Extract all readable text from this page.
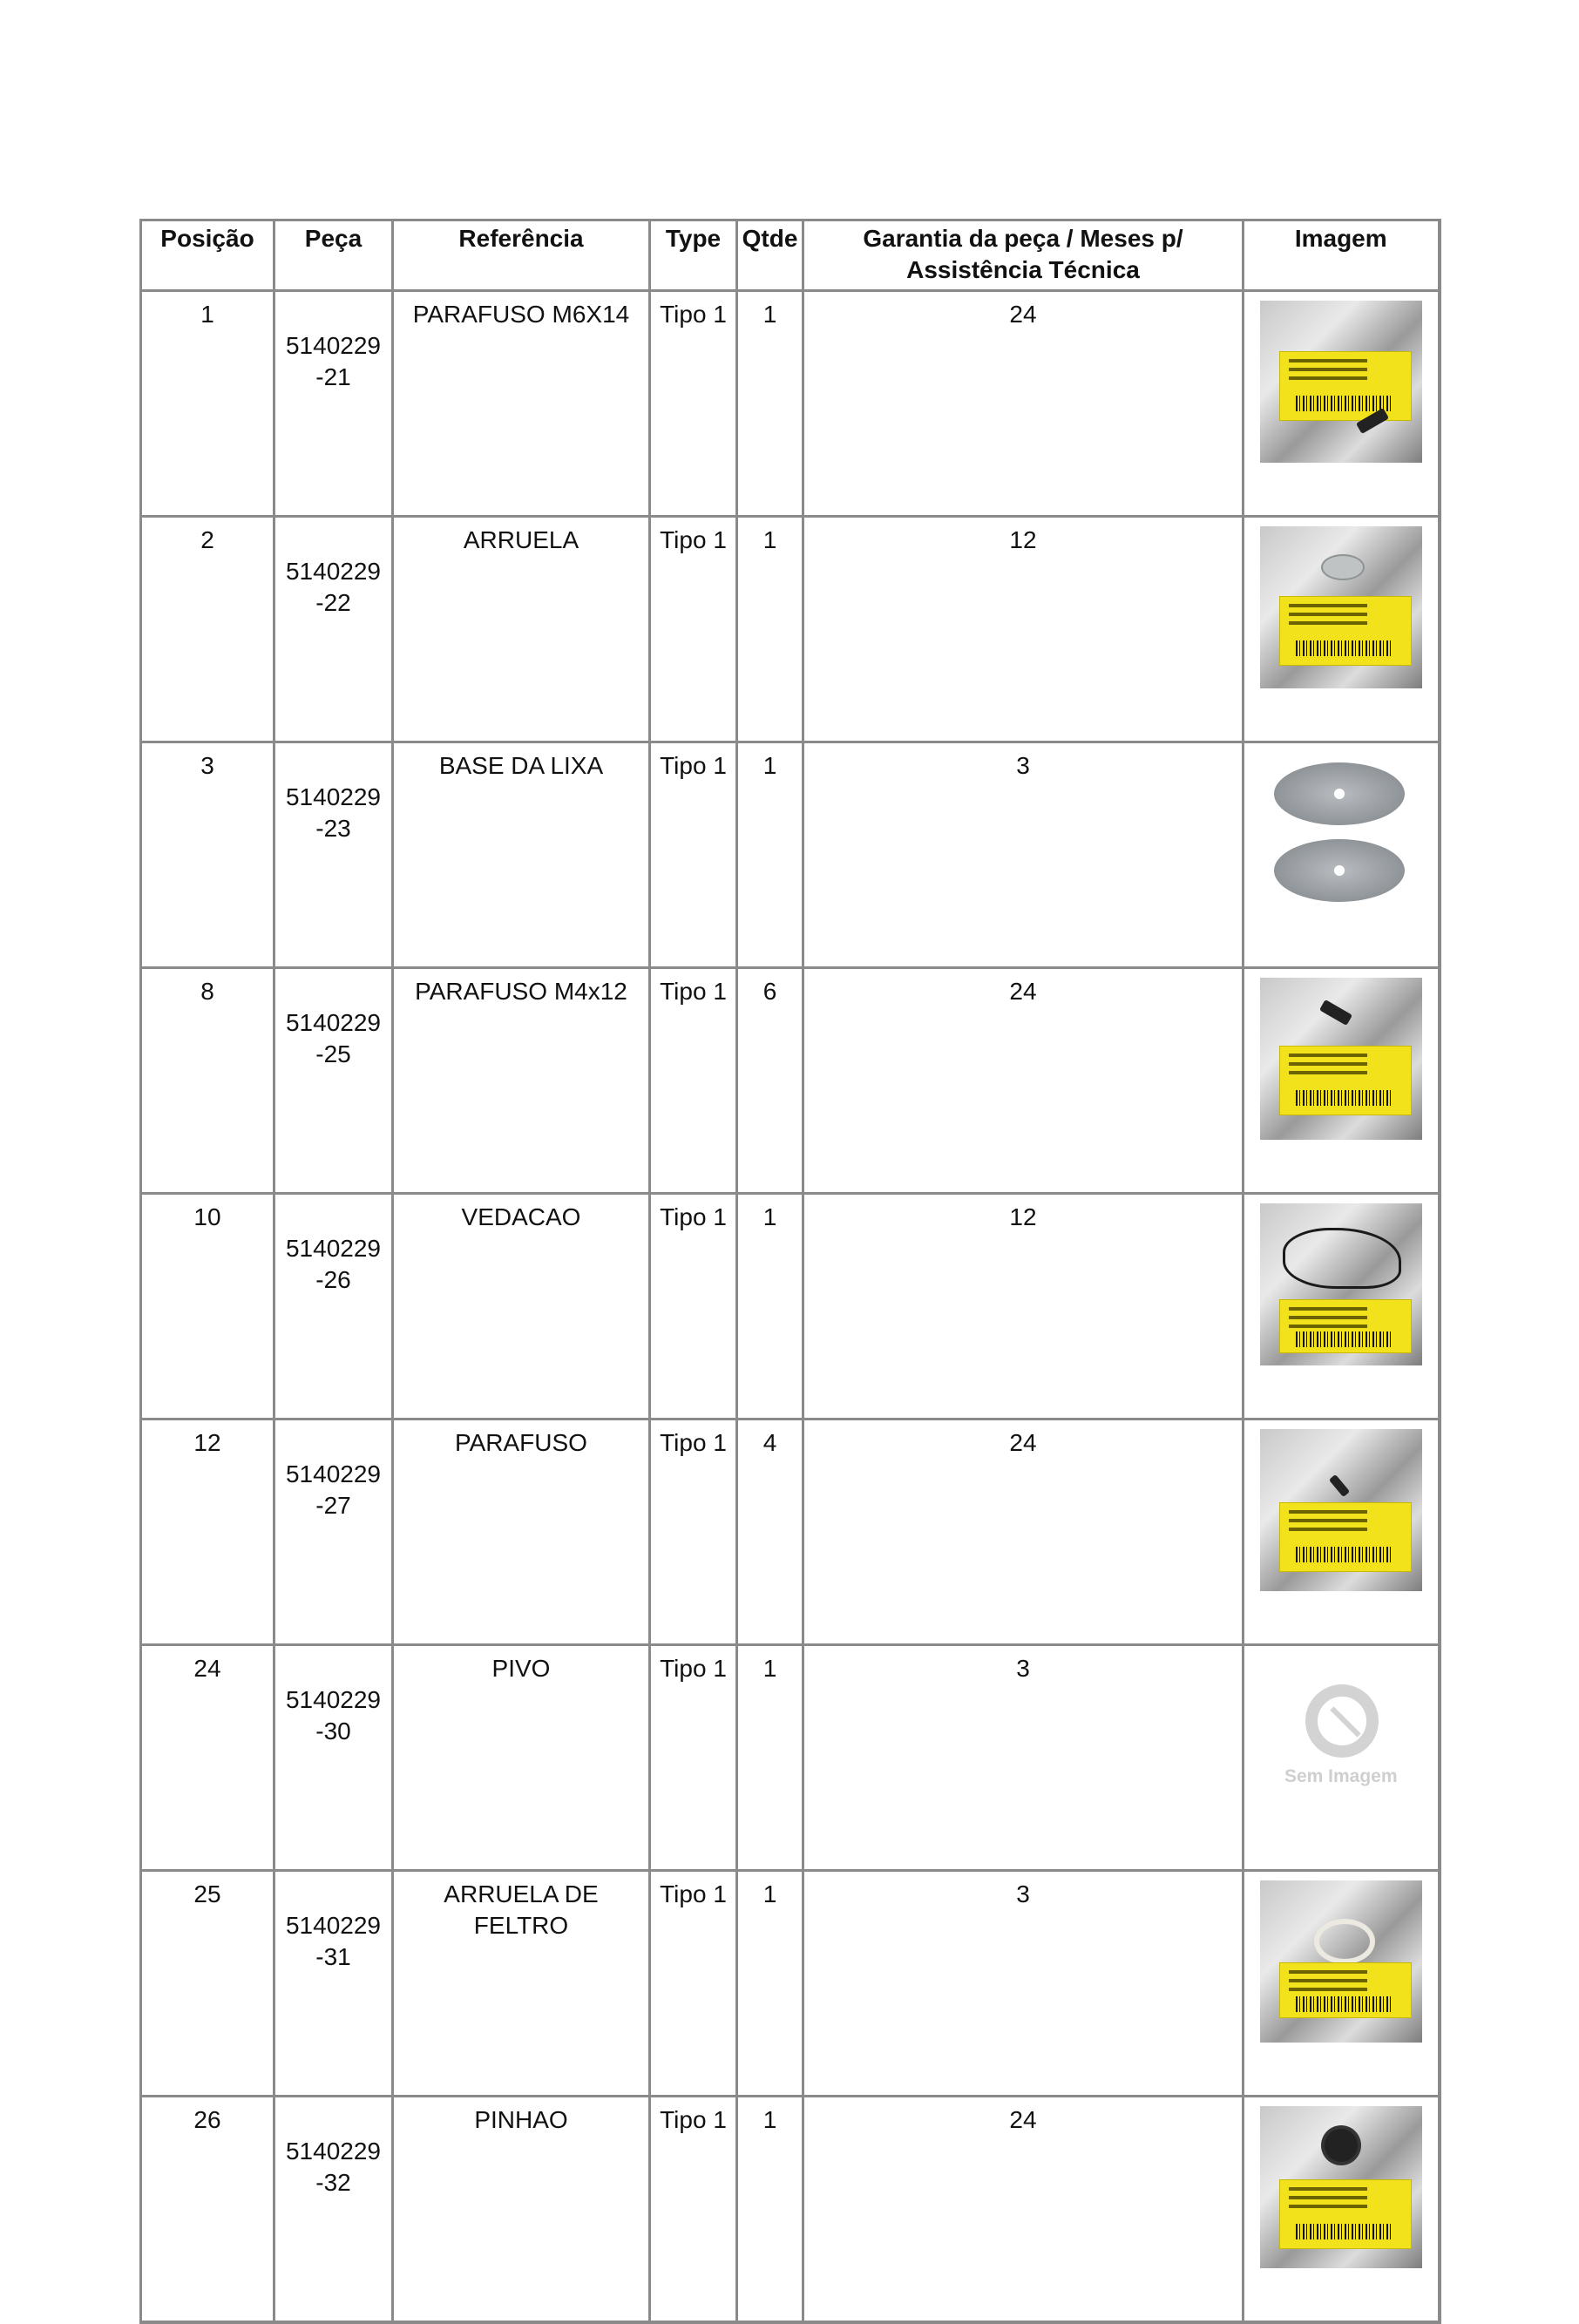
Posição	Peça	Referência	Type	Qtde	Garantia da peça / Meses p/ Assistência Técnica	Imagem
1	5140229-21	PARAFUSO M6X14	Tipo 1	1	24	

2	5140229-22	ARRUELA	Tipo 1	1	12	

3	5140229-23	BASE DA LIXA	Tipo 1	1	3	

8	5140229-25	PARAFUSO M4x12	Tipo 1	6	24	

10	5140229-26	VEDACAO	Tipo 1	1	12	

12	5140229-27	PARAFUSO	Tipo 1	4	24	

24	5140229-30	PIVO	Tipo 1	1	3	Sem Imagem

25	5140229-31	ARRUELA DE FELTRO	Tipo 1	1	3	

26	5140229-32	PINHAO	Tipo 1	1	24	
